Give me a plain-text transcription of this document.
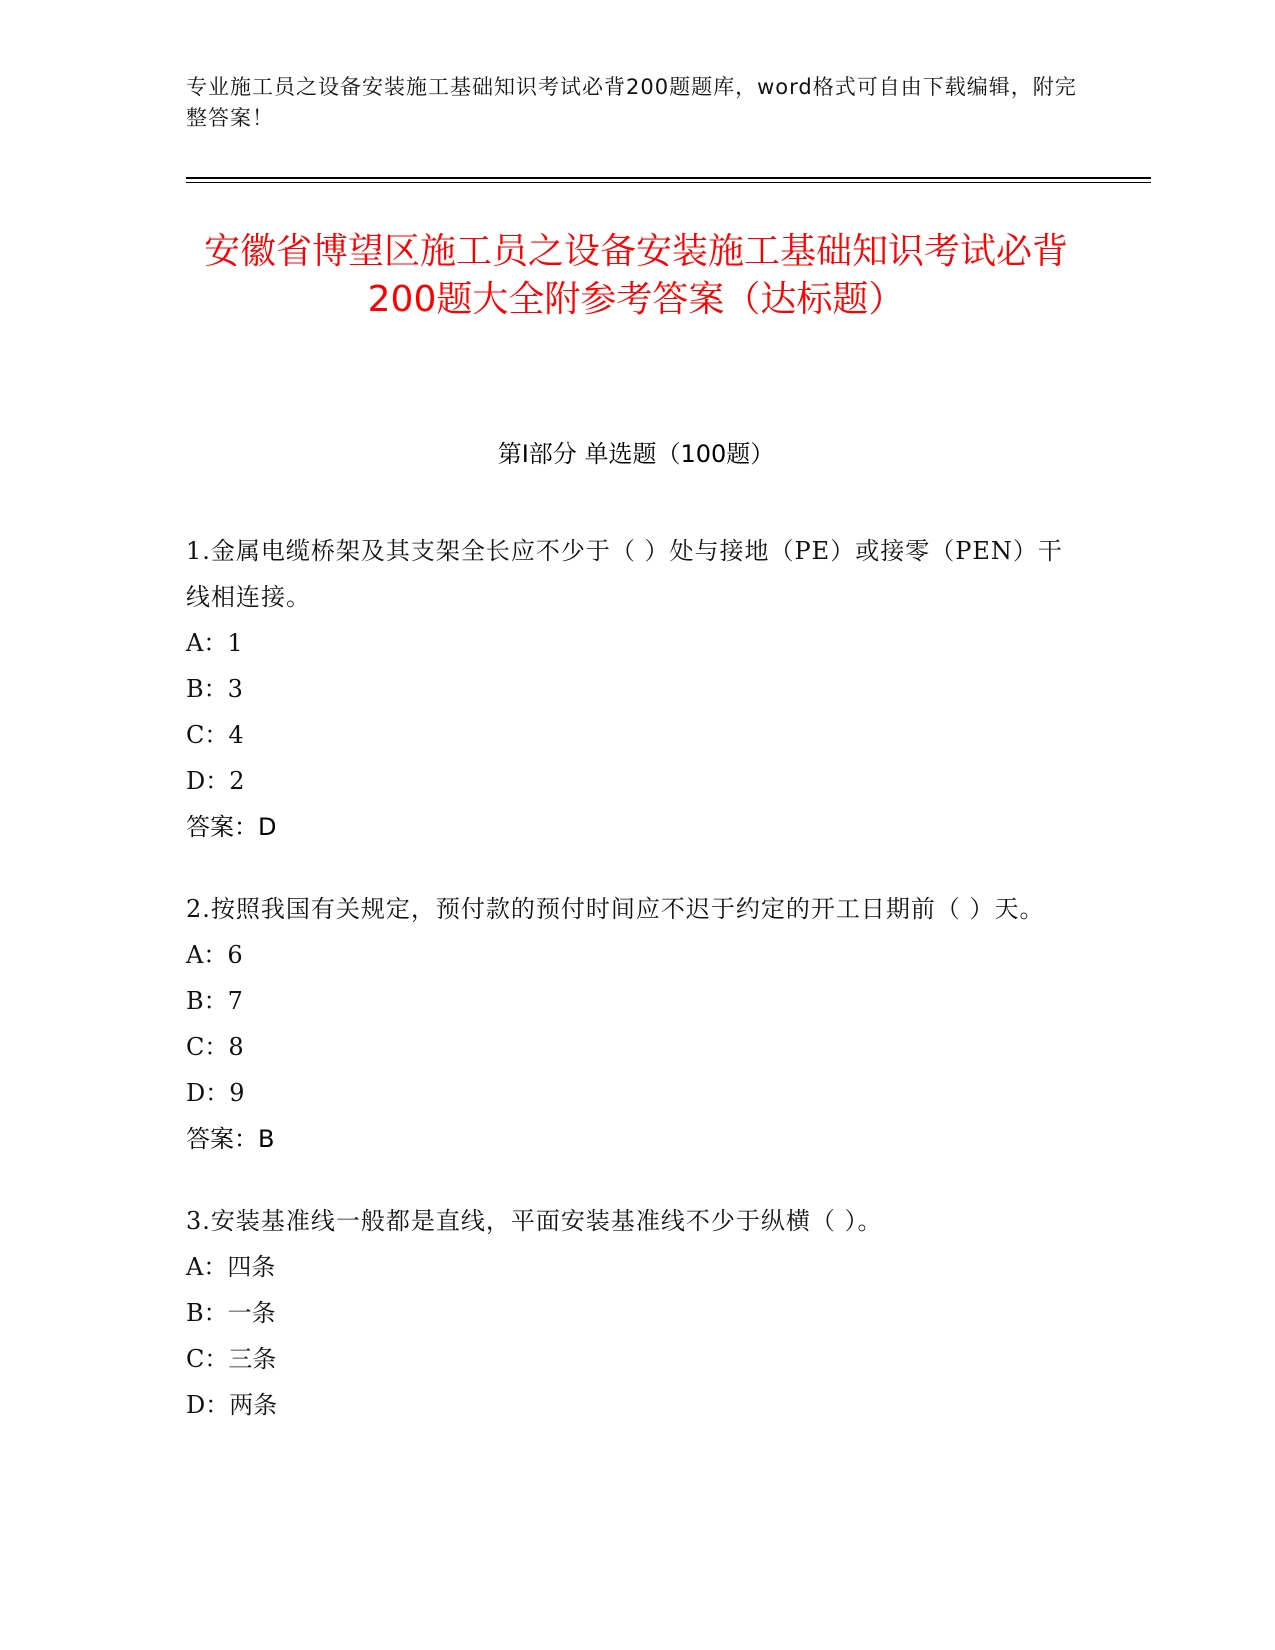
专业施工员之设备安装施工基础知识考试必背200题题库，word格式可自由下载编辑，附完整答案！
安徽省博望区施工员之设备安装施工基础知识考试必背200题大全附参考答案（达标题）
第I部分 单选题（100题）
1.金属电缆桥架及其支架全长应不少于（ ）处与接地（PE）或接零（PEN）干线相连接。
A：1
B：3
C：4
D：2
答案：D
2.按照我国有关规定，预付款的预付时间应不迟于约定的开工日期前（ ）天。
A：6
B：7
C：8
D：9
答案：B
3.安装基准线一般都是直线，平面安装基准线不少于纵横（ ）。
A：四条
B：一条
C：三条
D：两条
